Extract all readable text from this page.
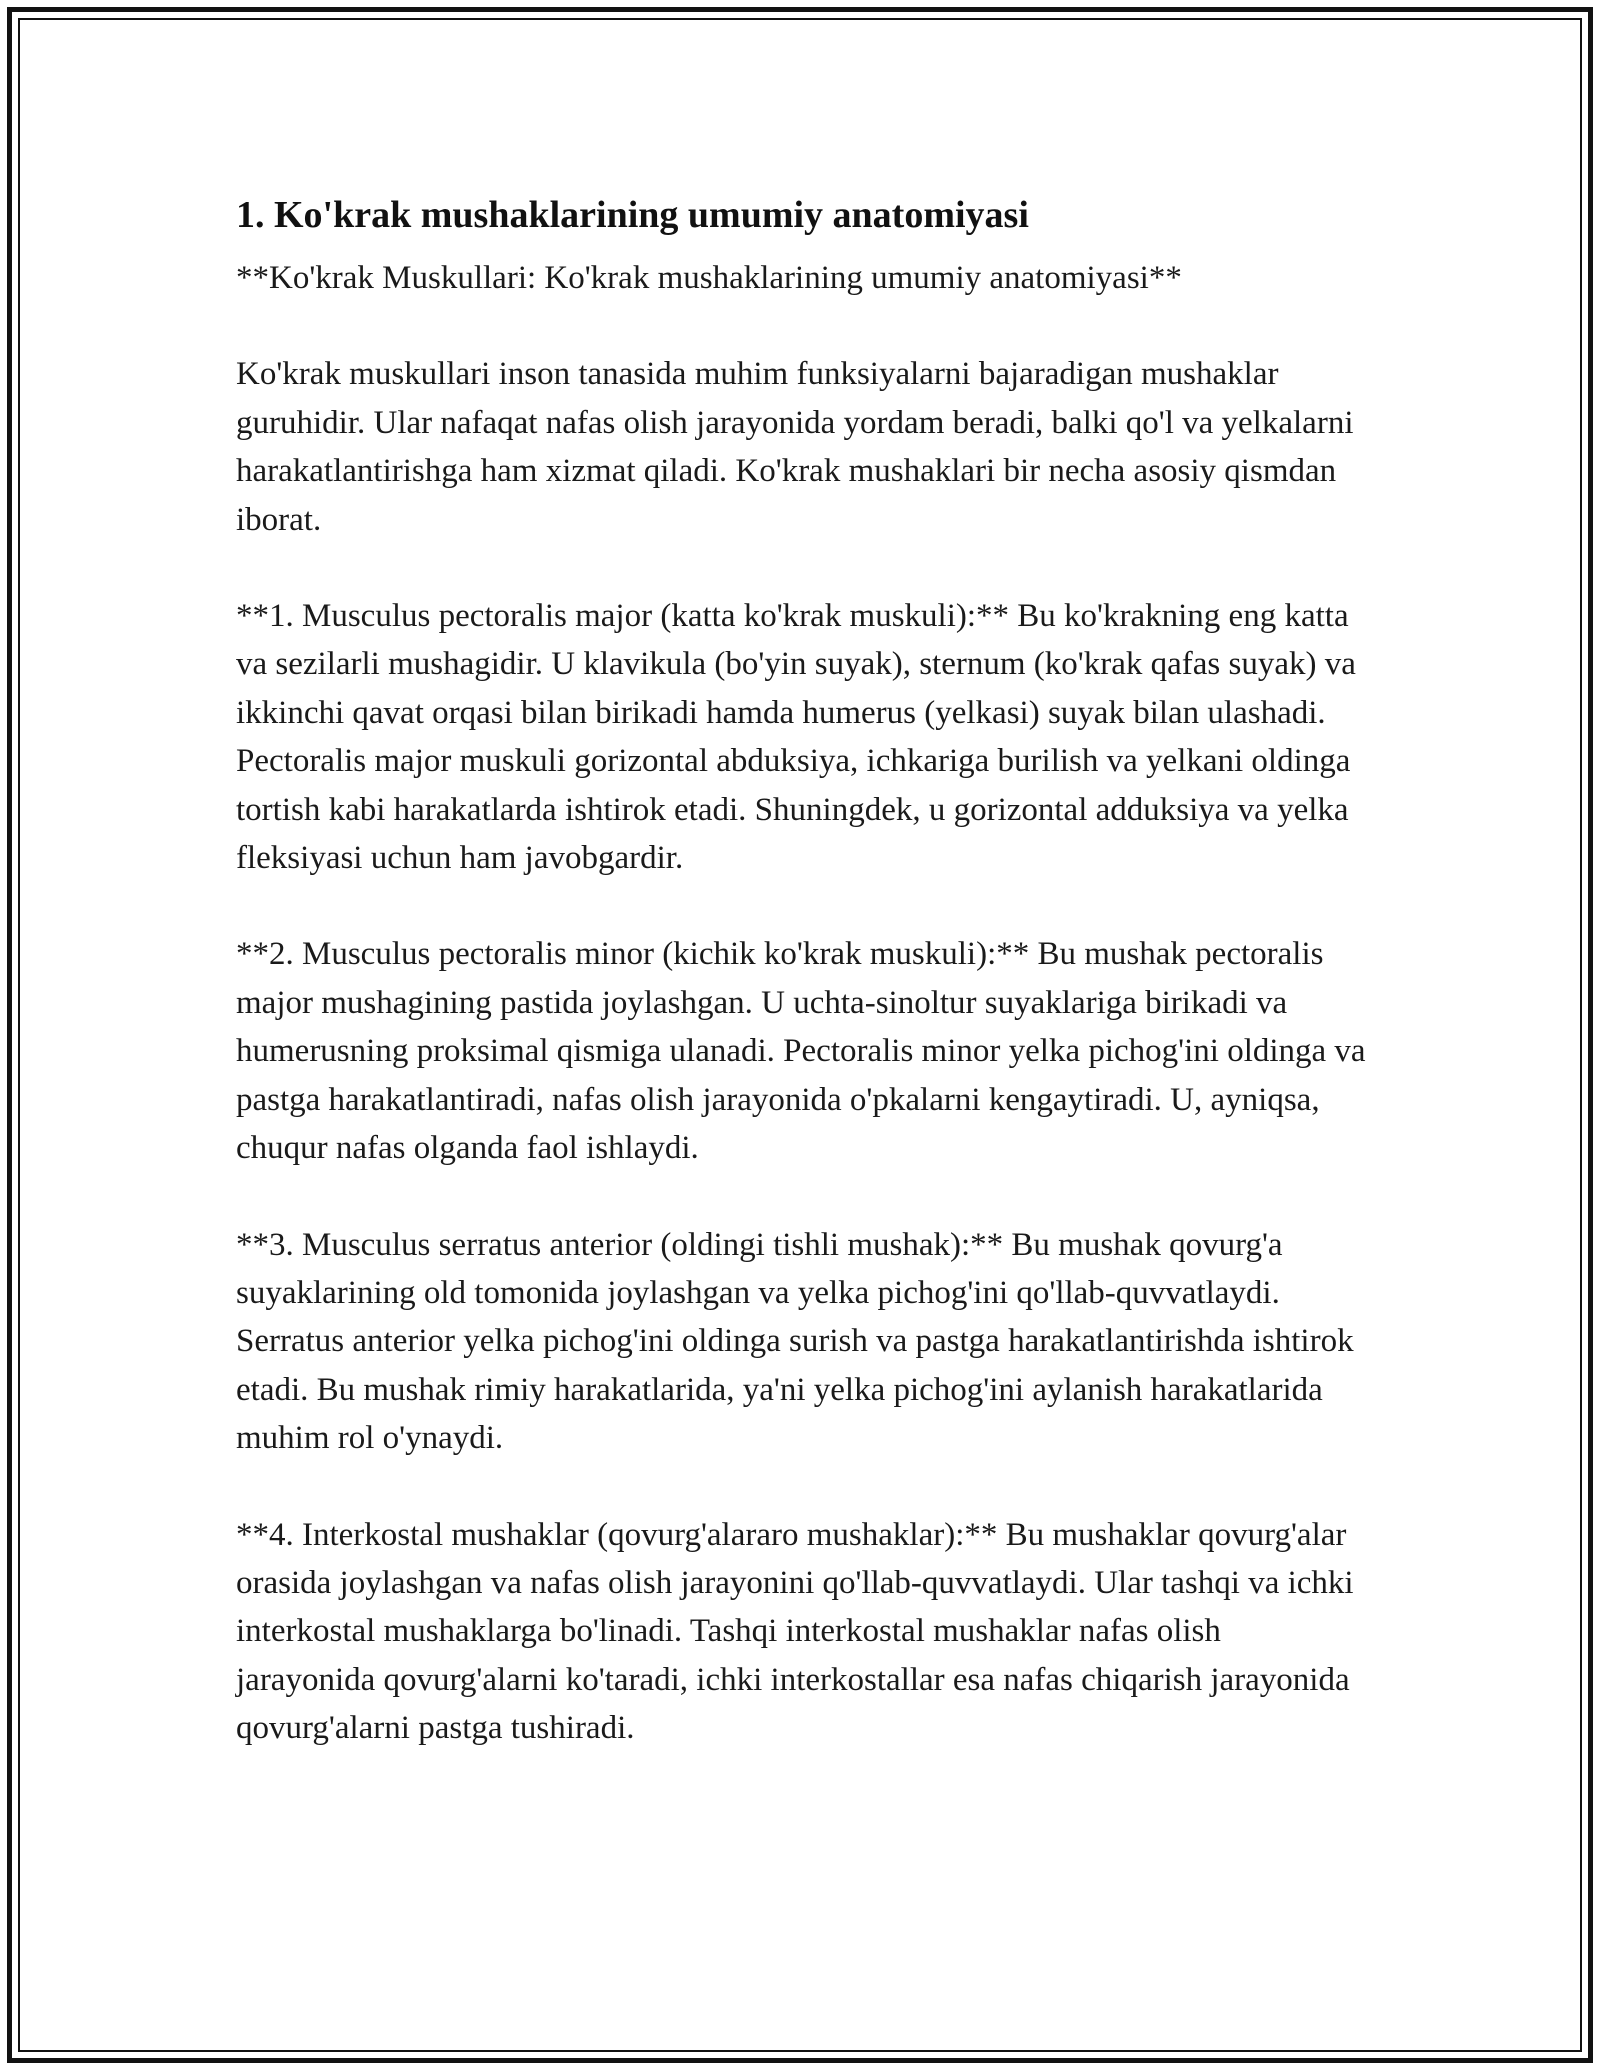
1. Ko'krak mushaklarining umumiy anatomiyasi

**Ko'krak Muskullari: Ko'krak mushaklarining umumiy anatomiyasi**

Ko'krak muskullari inson tanasida muhim funksiyalarni bajaradigan mushaklar guruhidir. Ular nafaqat nafas olish jarayonida yordam beradi, balki qo'l va yelkalarni harakatlantirishga ham xizmat qiladi. Ko'krak mushaklari bir necha asosiy qismdan iborat.

**1. Musculus pectoralis major (katta ko'krak muskuli):** Bu ko'krakning eng katta va sezilarli mushagidir. U klavikula (bo'yin suyak), sternum (ko'krak qafas suyak) va ikkinchi qavat orqasi bilan birikadi hamda humerus (yelkasi) suyak bilan ulashadi. Pectoralis major muskuli gorizontal abduksiya, ichkariga burilish va yelkani oldinga tortish kabi harakatlarda ishtirok etadi. Shuningdek, u gorizontal adduksiya va yelka fleksiyasi uchun ham javobgardir.

**2. Musculus pectoralis minor (kichik ko'krak muskuli):** Bu mushak pectoralis major mushagining pastida joylashgan. U uchta-sinoltur suyaklariga birikadi va humerusning proksimal qismiga ulanadi. Pectoralis minor yelka pichog'ini oldinga va pastga harakatlantiradi, nafas olish jarayonida o'pkalarni kengaytiradi. U, ayniqsa, chuqur nafas olganda faol ishlaydi.

**3. Musculus serratus anterior (oldingi tishli mushak):** Bu mushak qovurg'a suyaklarining old tomonida joylashgan va yelka pichog'ini qo'llab-quvvatlaydi. Serratus anterior yelka pichog'ini oldinga surish va pastga harakatlantirishda ishtirok etadi. Bu mushak rimiy harakatlarida, ya'ni yelka pichog'ini aylanish harakatlarida muhim rol o'ynaydi.

**4. Interkostal mushaklar (qovurg'alararo mushaklar):** Bu mushaklar qovurg'alar orasida joylashgan va nafas olish jarayonini qo'llab-quvvatlaydi. Ular tashqi va ichki interkostal mushaklarga bo'linadi. Tashqi interkostal mushaklar nafas olish jarayonida qovurg'alarni ko'taradi, ichki interkostallar esa nafas chiqarish jarayonida qovurg'alarni pastga tushiradi.
